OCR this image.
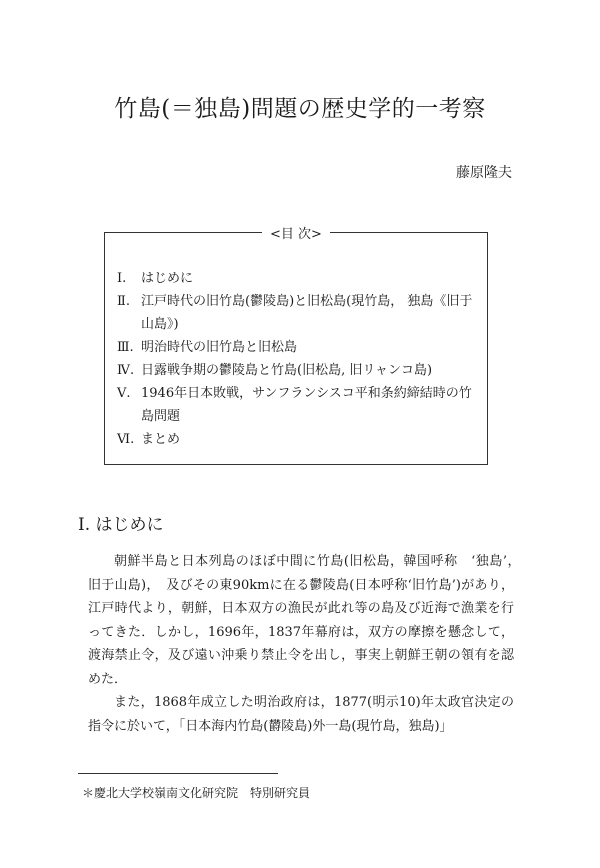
竹島(＝独島)問題の歴史学的一考察
藤原隆夫
<目 次>
Ⅰ.	はじめに
Ⅱ. 江戸時代の旧竹島(鬱陵島)と旧松島(現竹島， 独島《旧于山島》)
Ⅲ. 明治時代の旧竹島と旧松島
Ⅳ. 日露戦争期の鬱陵島と竹島(旧松島, 旧リャンコ島)
Ⅴ. 1946年日本敗戦，サンフランシスコ平和条約締結時の竹島問題
Ⅵ. まとめ
I. はじめに

朝鮮半島と日本列島のほぼ中間に竹島(旧松島，韓国呼称　‘独島’，　旧于山島)，　及びその東90kmに在る鬱陵島(日本呼称‘旧竹島’)があり，江戸時代より，朝鮮，日本双方の漁民が此れ等の島及び近海で漁業を行ってきた．しかし，1696年，1837年幕府は，双方の摩擦を懸念して，渡海禁止令，及び遠い沖乗り禁止令を出し，事実上朝鮮王朝の領有を認めた．

また，1868年成立した明治政府は，1877(明示10)年太政官決定の指令に於いて，「日本海内竹島(欝陵島)外一島(現竹島，独島)」

＊慶北大学校嶺南文化研究院　特別研究員
